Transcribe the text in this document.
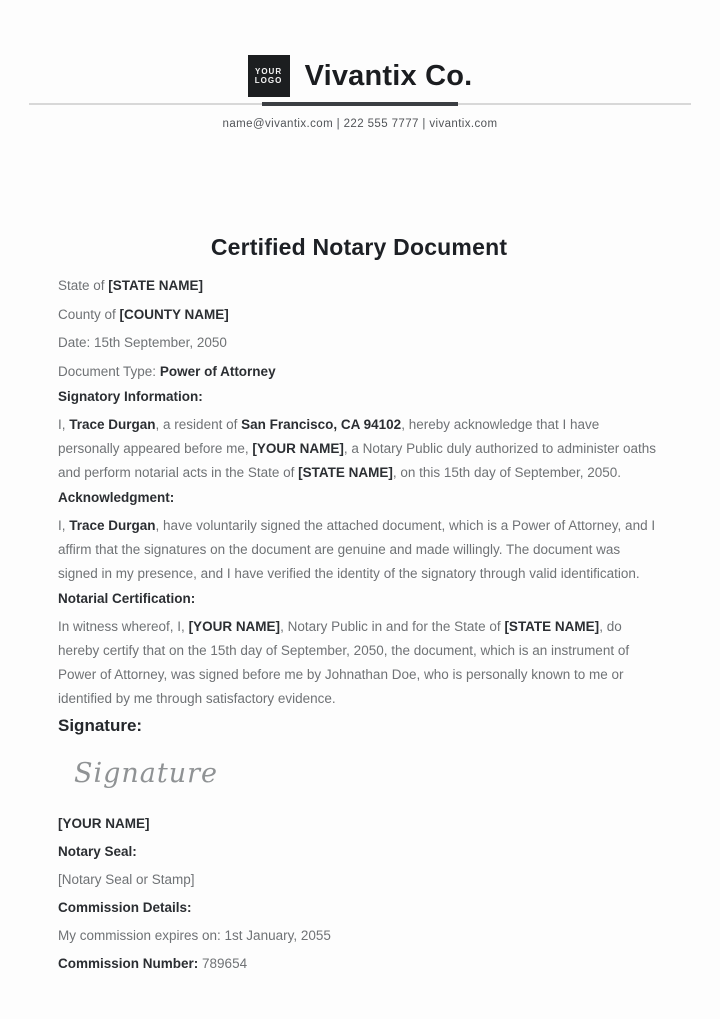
YOUR
LOGO Vivantix Co.
name@vivantix.com | 222 555 7777 | vivantix.com
Certified Notary Document

State of [STATE NAME]

County of [COUNTY NAME]

Date: 15th September, 2050

Document Type: Power of Attorney

Signatory Information:

I, Trace Durgan, a resident of San Francisco, CA 94102, hereby acknowledge that I have personally appeared before me, [YOUR NAME], a Notary Public duly authorized to administer oaths and perform notarial acts in the State of [STATE NAME], on this 15th day of September, 2050.

Acknowledgment:

I, Trace Durgan, have voluntarily signed the attached document, which is a Power of Attorney, and I affirm that the signatures on the document are genuine and made willingly. The document was signed in my presence, and I have verified the identity of the signatory through valid identification.

Notarial Certification:

In witness whereof, I, [YOUR NAME], Notary Public in and for the State of [STATE NAME], do hereby certify that on the 15th day of September, 2050, the document, which is an instrument of Power of Attorney, was signed before me by Johnathan Doe, who is personally known to me or identified by me through satisfactory evidence.

Signature:
Signature

[YOUR NAME]

Notary Seal:

[Notary Seal or Stamp]

Commission Details:

My commission expires on: 1st January, 2055

Commission Number: 789654
